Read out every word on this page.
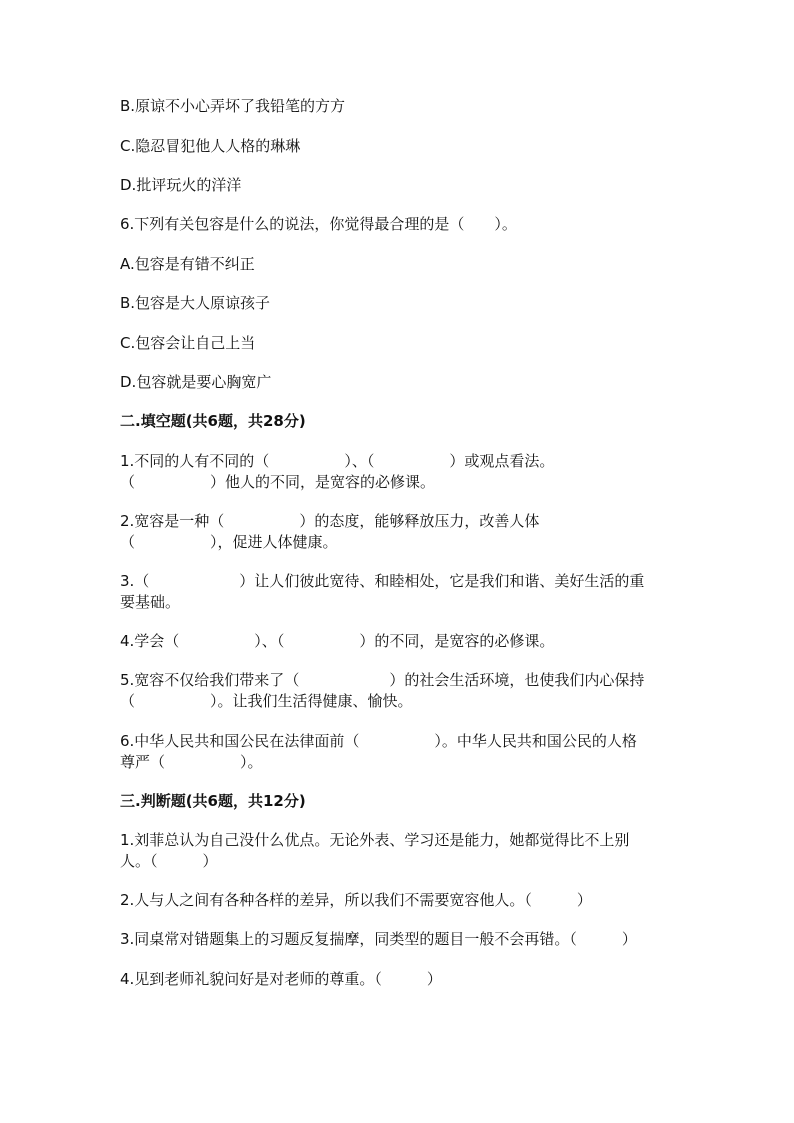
B.原谅不小心弄坏了我铅笔的方方
C.隐忍冒犯他人人格的琳琳
D.批评玩火的洋洋
6.下列有关包容是什么的说法，你觉得最合理的是（　　）。
A.包容是有错不纠正
B.包容是大人原谅孩子
C.包容会让自己上当
D.包容就是要心胸宽广
二.填空题(共6题，共28分)
1.不同的人有不同的（　　　　　）、（　　　　　）或观点看法。
（　　　　　）他人的不同，是宽容的必修课。
2.宽容是一种（　　　　　）的态度，能够释放压力，改善人体
（　　　　　），促进人体健康。
3.（　　　　　　）让人们彼此宽待、和睦相处，它是我们和谐、美好生活的重
要基础。
4.学会（　　　　　）、（　　　　　）的不同，是宽容的必修课。
5.宽容不仅给我们带来了（　　　　　　）的社会生活环境，也使我们内心保持
（　　　　　）。让我们生活得健康、愉快。
6.中华人民共和国公民在法律面前（　　　　　）。中华人民共和国公民的人格
尊严（　　　　　）。
三.判断题(共6题，共12分)
1.刘菲总认为自己没什么优点。无论外表、学习还是能力，她都觉得比不上别
人。（　　　）
2.人与人之间有各种各样的差异，所以我们不需要宽容他人。（　　　）
3.同桌常对错题集上的习题反复揣摩，同类型的题目一般不会再错。（　　　）
4.见到老师礼貌问好是对老师的尊重。（　　　）
